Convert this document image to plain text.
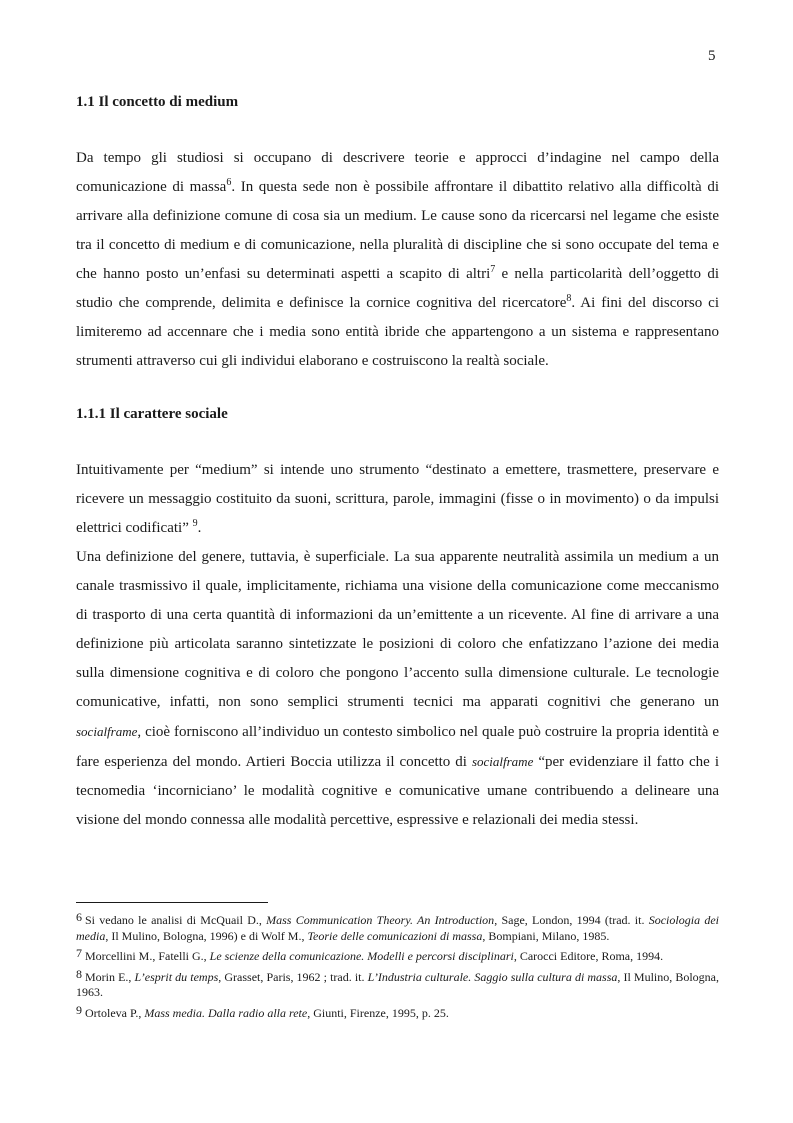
5
1.1 Il concetto di medium
Da tempo gli studiosi si occupano di descrivere teorie e approcci d’indagine nel campo della comunicazione di massa$^6$. In questa sede non è possibile affrontare il dibattito relativo alla difficoltà di arrivare alla definizione comune di cosa sia un medium. Le cause sono da ricercarsi nel legame che esiste tra il concetto di medium e di comunicazione, nella pluralità di discipline che si sono occupate del tema e che hanno posto un’enfasi su determinati aspetti a scapito di altri$^7$ e nella particolarità dell’oggetto di studio che comprende, delimita e definisce la cornice cognitiva del ricercatore$^8$. Ai fini del discorso ci limiteremo ad accennare che i media sono entità ibride che appartengono a un sistema e rappresentano strumenti attraverso cui gli individui elaborano e costruiscono la realtà sociale.
1.1.1 Il carattere sociale

Intuitivamente per “medium” si intende uno strumento “destinato a emettere, trasmettere, preservare e ricevere un messaggio costituito da suoni, scrittura, parole, immagini (fisse o in movimento) o da impulsi elettrici codificati” $^9$.

Una definizione del genere, tuttavia, è superficiale. La sua apparente neutralità assimila un medium a un canale trasmissivo il quale, implicitamente, richiama una visione della comunicazione come meccanismo di trasporto di una certa quantità di informazioni da un’emittente a un ricevente. Al fine di arrivare a una definizione più articolata saranno sintetizzate le posizioni di coloro che enfatizzano l’azione dei media sulla dimensione cognitiva e di coloro che pongono l’accento sulla dimensione culturale. Le tecnologie comunicative, infatti, non sono semplici strumenti tecnici ma apparati cognitivi che generano un socialframe, cioè forniscono all’individuo un contesto simbolico nel quale può costruire la propria identità e fare esperienza del mondo. Artieri Boccia utilizza il concetto di socialframe “per evidenziare il fatto che i tecnomedia ‘incorniciano’ le modalità cognitive e comunicative umane contribuendo a delineare una visione del mondo connessa alle modalità percettive, espressive e relazionali dei media stessi.

6 Si vedano le analisi di McQuail D., Mass Communication Theory. An Introduction, Sage, London, 1994 (trad. it. Sociologia dei media, Il Mulino, Bologna, 1996) e di Wolf M., Teorie delle comunicazioni di massa, Bompiani, Milano, 1985.

7 Morcellini M., Fatelli G., Le scienze della comunicazione. Modelli e percorsi disciplinari, Carocci Editore, Roma, 1994.

8 Morin E., L’esprit du temps, Grasset, Paris, 1962 ; trad. it. L’Industria culturale. Saggio sulla cultura di massa, Il Mulino, Bologna, 1963.

9 Ortoleva P., Mass media. Dalla radio alla rete, Giunti, Firenze, 1995, p. 25.
